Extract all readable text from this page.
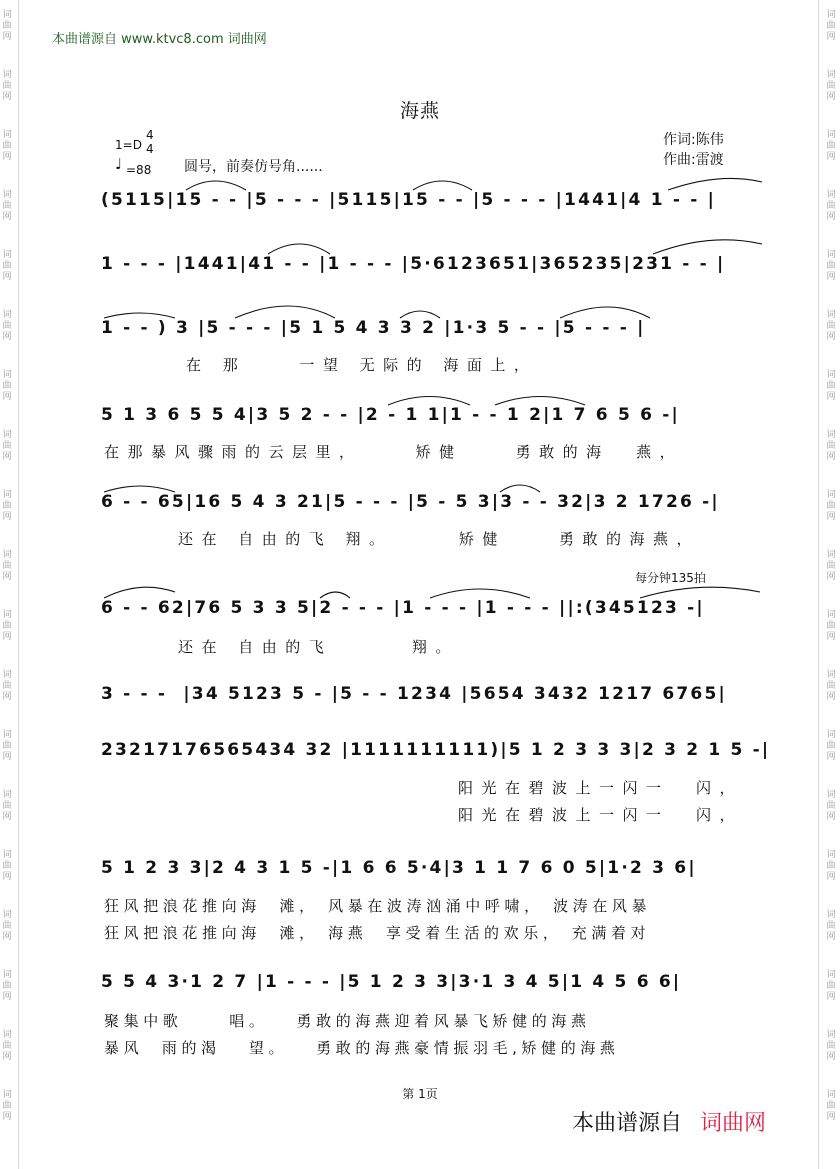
词
曲
网
词
曲
网
词
曲
网
词
曲
网
词
曲
网
词
曲
网
词
曲
网
词
曲
网
词
曲
网
词
曲
网
词
曲
网
词
曲
网
词
曲
网
词
曲
网
词
曲
网
词
曲
网
词
曲
网
词
曲
网
词
曲
网
词
曲
网
词
曲
网
词
曲
网
词
曲
网
词
曲
网
词
曲
网
词
曲
网
词
曲
网
词
曲
网
词
曲
网
词
曲
网
词
曲
网
词
曲
网
词
曲
网
词
曲
网
词
曲
网
词
曲
网
词
曲
网
词
曲
网
本曲谱源自 www.ktvc8.com 词曲网
海燕
1=D
4
4
♩ =88 圆号，前奏仿号角......
作词:陈伟
作曲:雷渡
每分钟135拍
(5115|15 - - |5 - - - |5115|15 - - |5 - - - |1441|4 1 - - |
1 - - - |1441|41 - - |1 - - - |5·6123651|365235|231 - - |
1 - - ) 3 |5 - - - |5 1 5 4 3 3 2 |1·3 5 - - |5 - - - |
5 1 3 6 5 5 4|3 5 2 - - |2 - 1 1|1 - - 1 2|1 7 6 5 6 -|
6 - - 65|16 5 4 3 21|5 - - - |5 - 5 3|3 - - 32|3 2 1726 -|
6 - - 62|76 5 3 3 5|2 - - - |1 - - - |1 - - - ||:(345123 -|
3 - - -  |34 5123 5 - |5 - - 1234 |5654 3432 1217 6765|
23217176565434 32 |1111111111)|5 1 2 3 3 3|2 3 2 1 5 -|
5 1 2 3 3|2 4 3 1 5 -|1 6 6 5·4|3 1 1 7 6 0 5|1·2 3 6|
5 5 4 3·1 2 7 |1 - - - |5 1 2 3 3|3·1 3 4 5|1 4 5 6 6|
在 那    一望 无际的 海面上，
在那暴风骤雨的云层里，    矫健    勇敢的海  燕，
还在 自由的飞 翔。     矫健    勇敢的海燕，
还在 自由的飞      翔。
阳光在碧波上一闪一  闪，
阳光在碧波上一闪一  闪，
狂风把浪花推向海  滩， 风暴在波涛汹涌中呼啸， 波涛在风暴
狂风把浪花推向海  滩， 海燕  享受着生活的欢乐， 充满着对
聚集中歌     唱。   勇敢的海燕迎着风暴飞矫健的海燕
暴风  雨的渴   望。   勇敢的海燕豪情振羽毛,矫健的海燕
第 1页
本曲谱源自 词曲网
